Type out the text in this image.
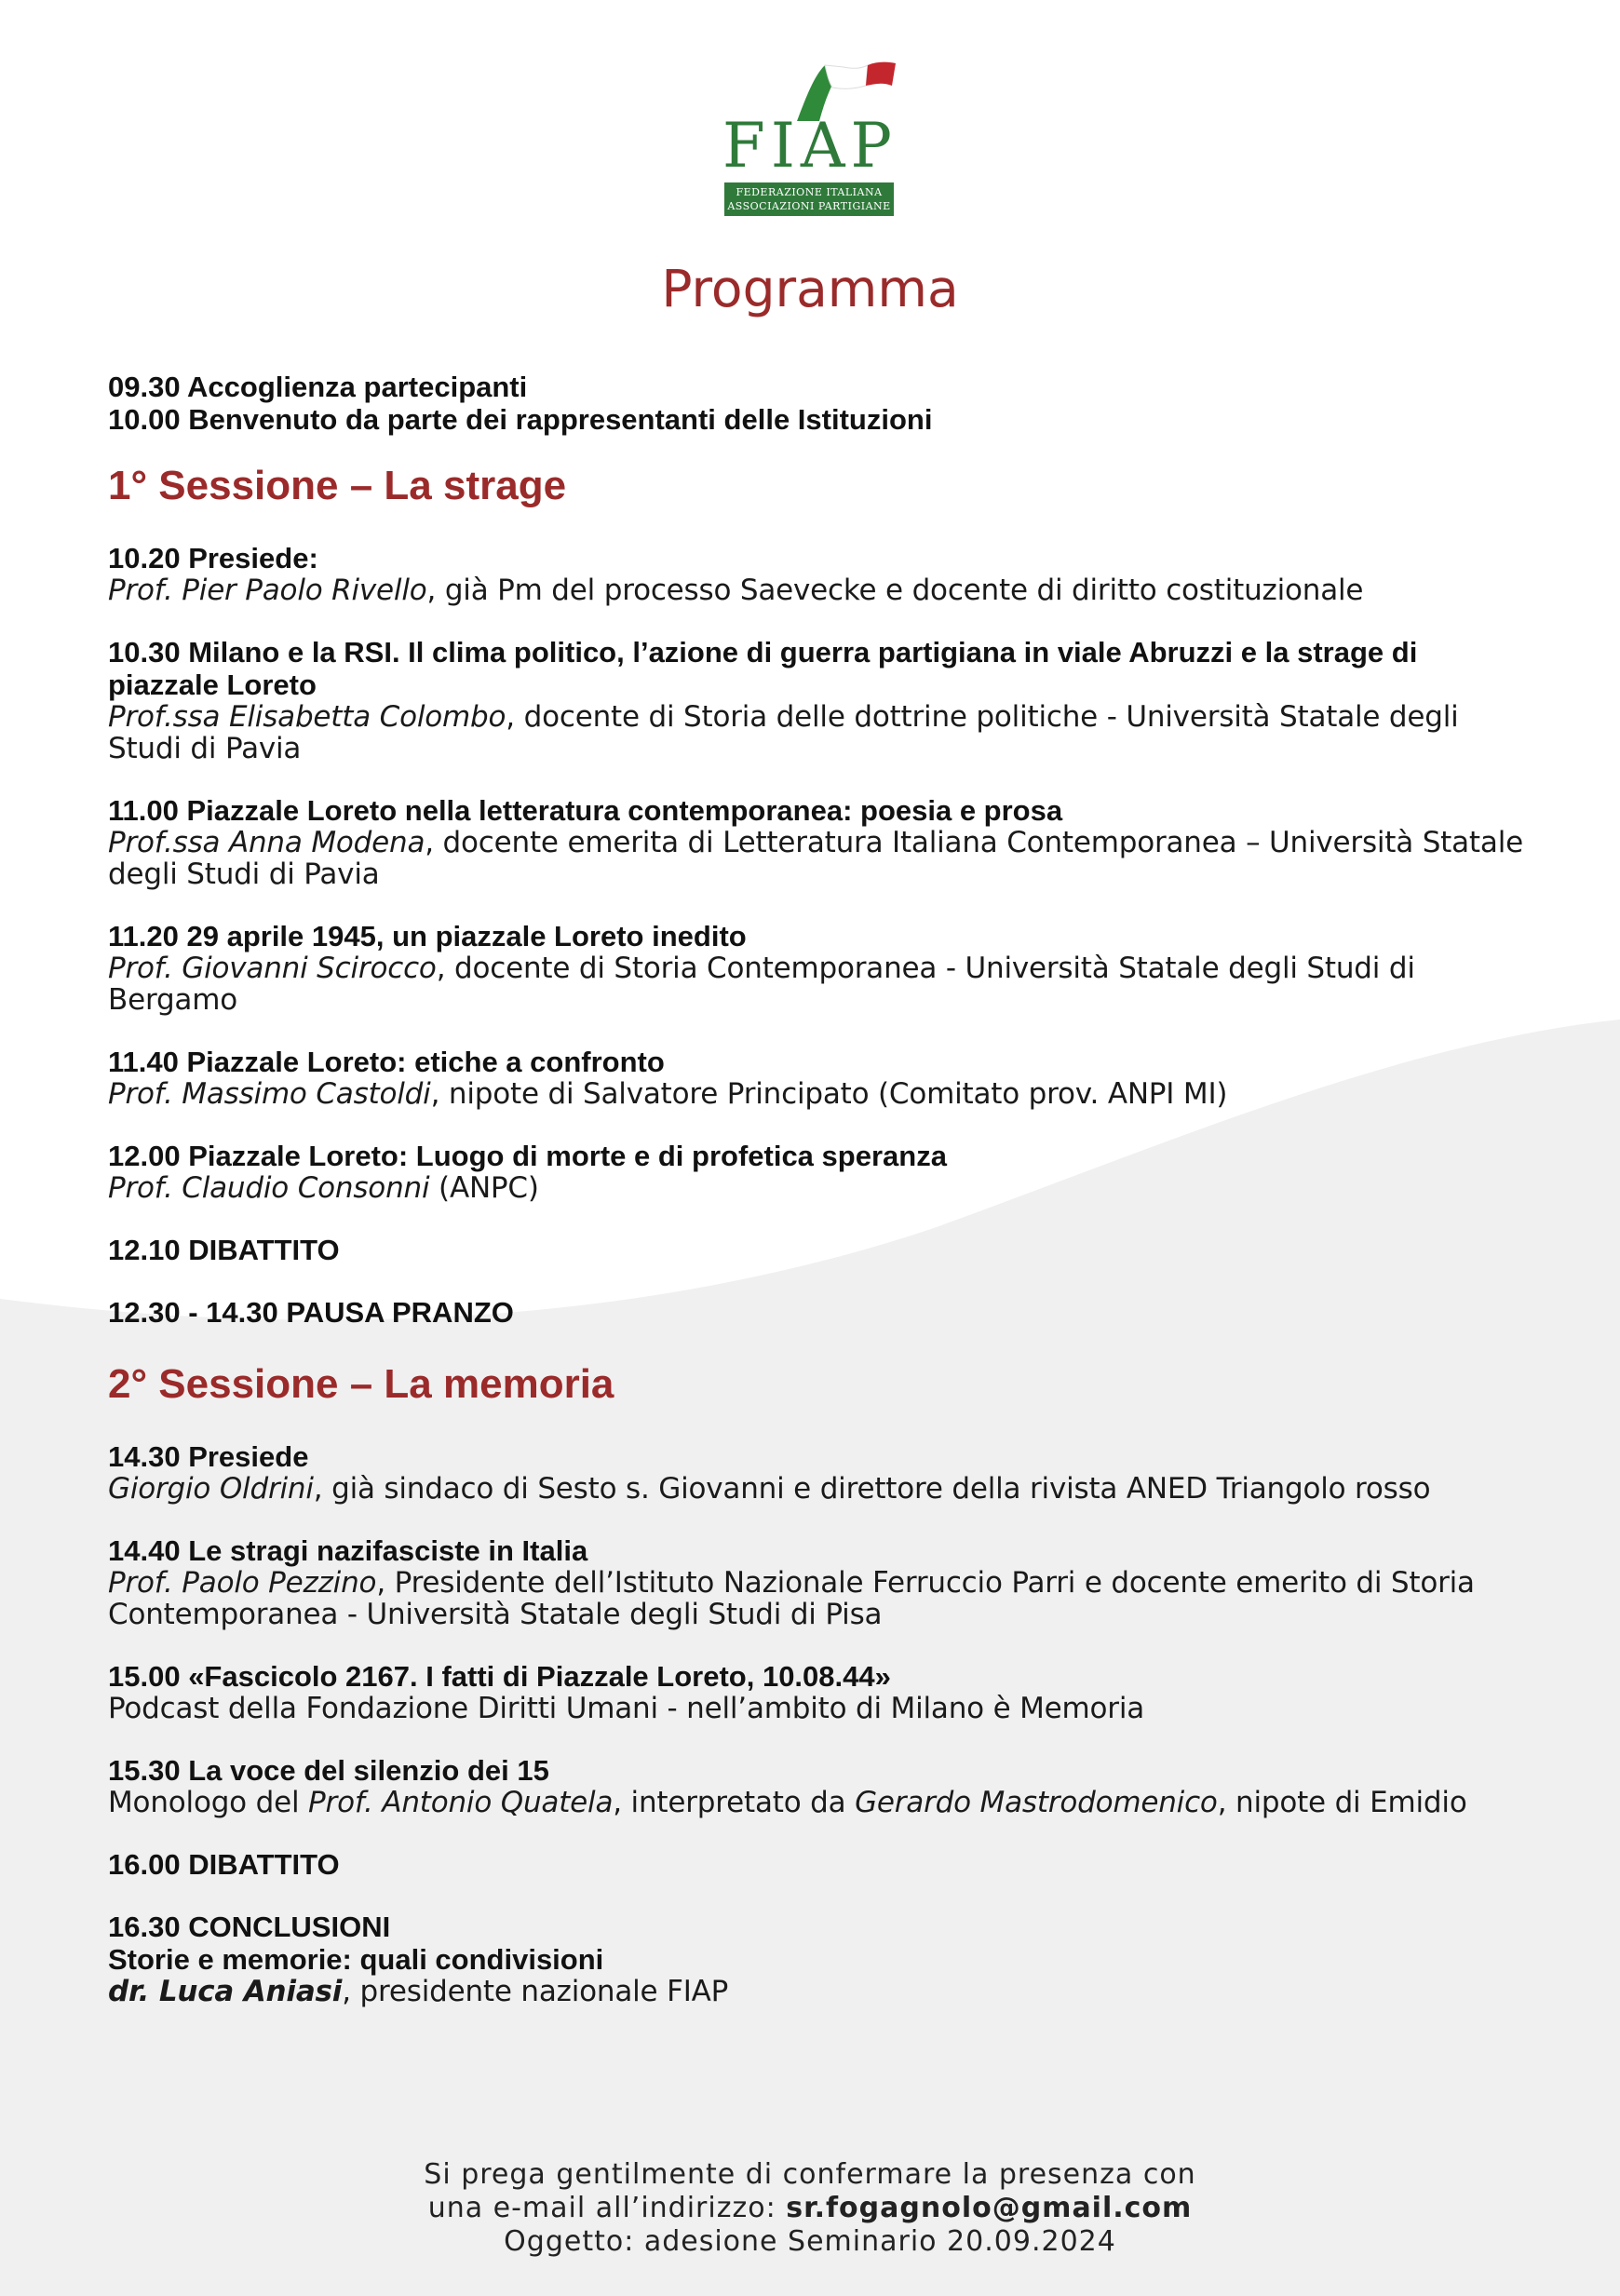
FIAP
FEDERAZIONE ITALIANA
ASSOCIAZIONI PARTIGIANE
Programma
09.30 Accoglienza partecipanti
10.00 Benvenuto da parte dei rappresentanti delle Istituzioni
1° Sessione – La strage
10.20 Presiede:
Prof. Pier Paolo Rivello, già Pm del processo Saevecke e docente di diritto costituzionale
10.30 Milano e la RSI. Il clima politico, l’azione di guerra partigiana in viale Abruzzi e la strage di piazzale Loreto
Prof.ssa Elisabetta Colombo, docente di Storia delle dottrine politiche - Università Statale degli Studi di Pavia
11.00 Piazzale Loreto nella letteratura contemporanea: poesia e prosa
Prof.ssa Anna Modena, docente emerita di Letteratura Italiana Contemporanea – Università Statale degli Studi di Pavia
11.20 29 aprile 1945, un piazzale Loreto inedito
Prof. Giovanni Scirocco, docente di Storia Contemporanea - Università Statale degli Studi di Bergamo
11.40 Piazzale Loreto: etiche a confronto
Prof. Massimo Castoldi, nipote di Salvatore Principato (Comitato prov. ANPI MI)
12.00 Piazzale Loreto: Luogo di morte e di profetica speranza
Prof. Claudio Consonni (ANPC)
12.10 DIBATTITO
12.30 - 14.30 PAUSA PRANZO
2° Sessione – La memoria
14.30 Presiede
Giorgio Oldrini, già sindaco di Sesto s. Giovanni e direttore della rivista ANED Triangolo rosso
14.40 Le stragi nazifasciste in Italia
Prof. Paolo Pezzino, Presidente dell’Istituto Nazionale Ferruccio Parri e docente emerito di Storia Contemporanea - Università Statale degli Studi di Pisa
15.00 «Fascicolo 2167. I fatti di Piazzale Loreto, 10.08.44»
Podcast della Fondazione Diritti Umani - nell’ambito di Milano è Memoria
15.30 La voce del silenzio dei 15
Monologo del Prof. Antonio Quatela, interpretato da Gerardo Mastrodomenico, nipote di Emidio
16.00 DIBATTITO
16.30 CONCLUSIONI
Storie e memorie: quali condivisioni
dr. Luca Aniasi, presidente nazionale FIAP
Si prega gentilmente di confermare la presenza con
una e-mail all’indirizzo: sr.fogagnolo@gmail.com
Oggetto: adesione Seminario 20.09.2024
